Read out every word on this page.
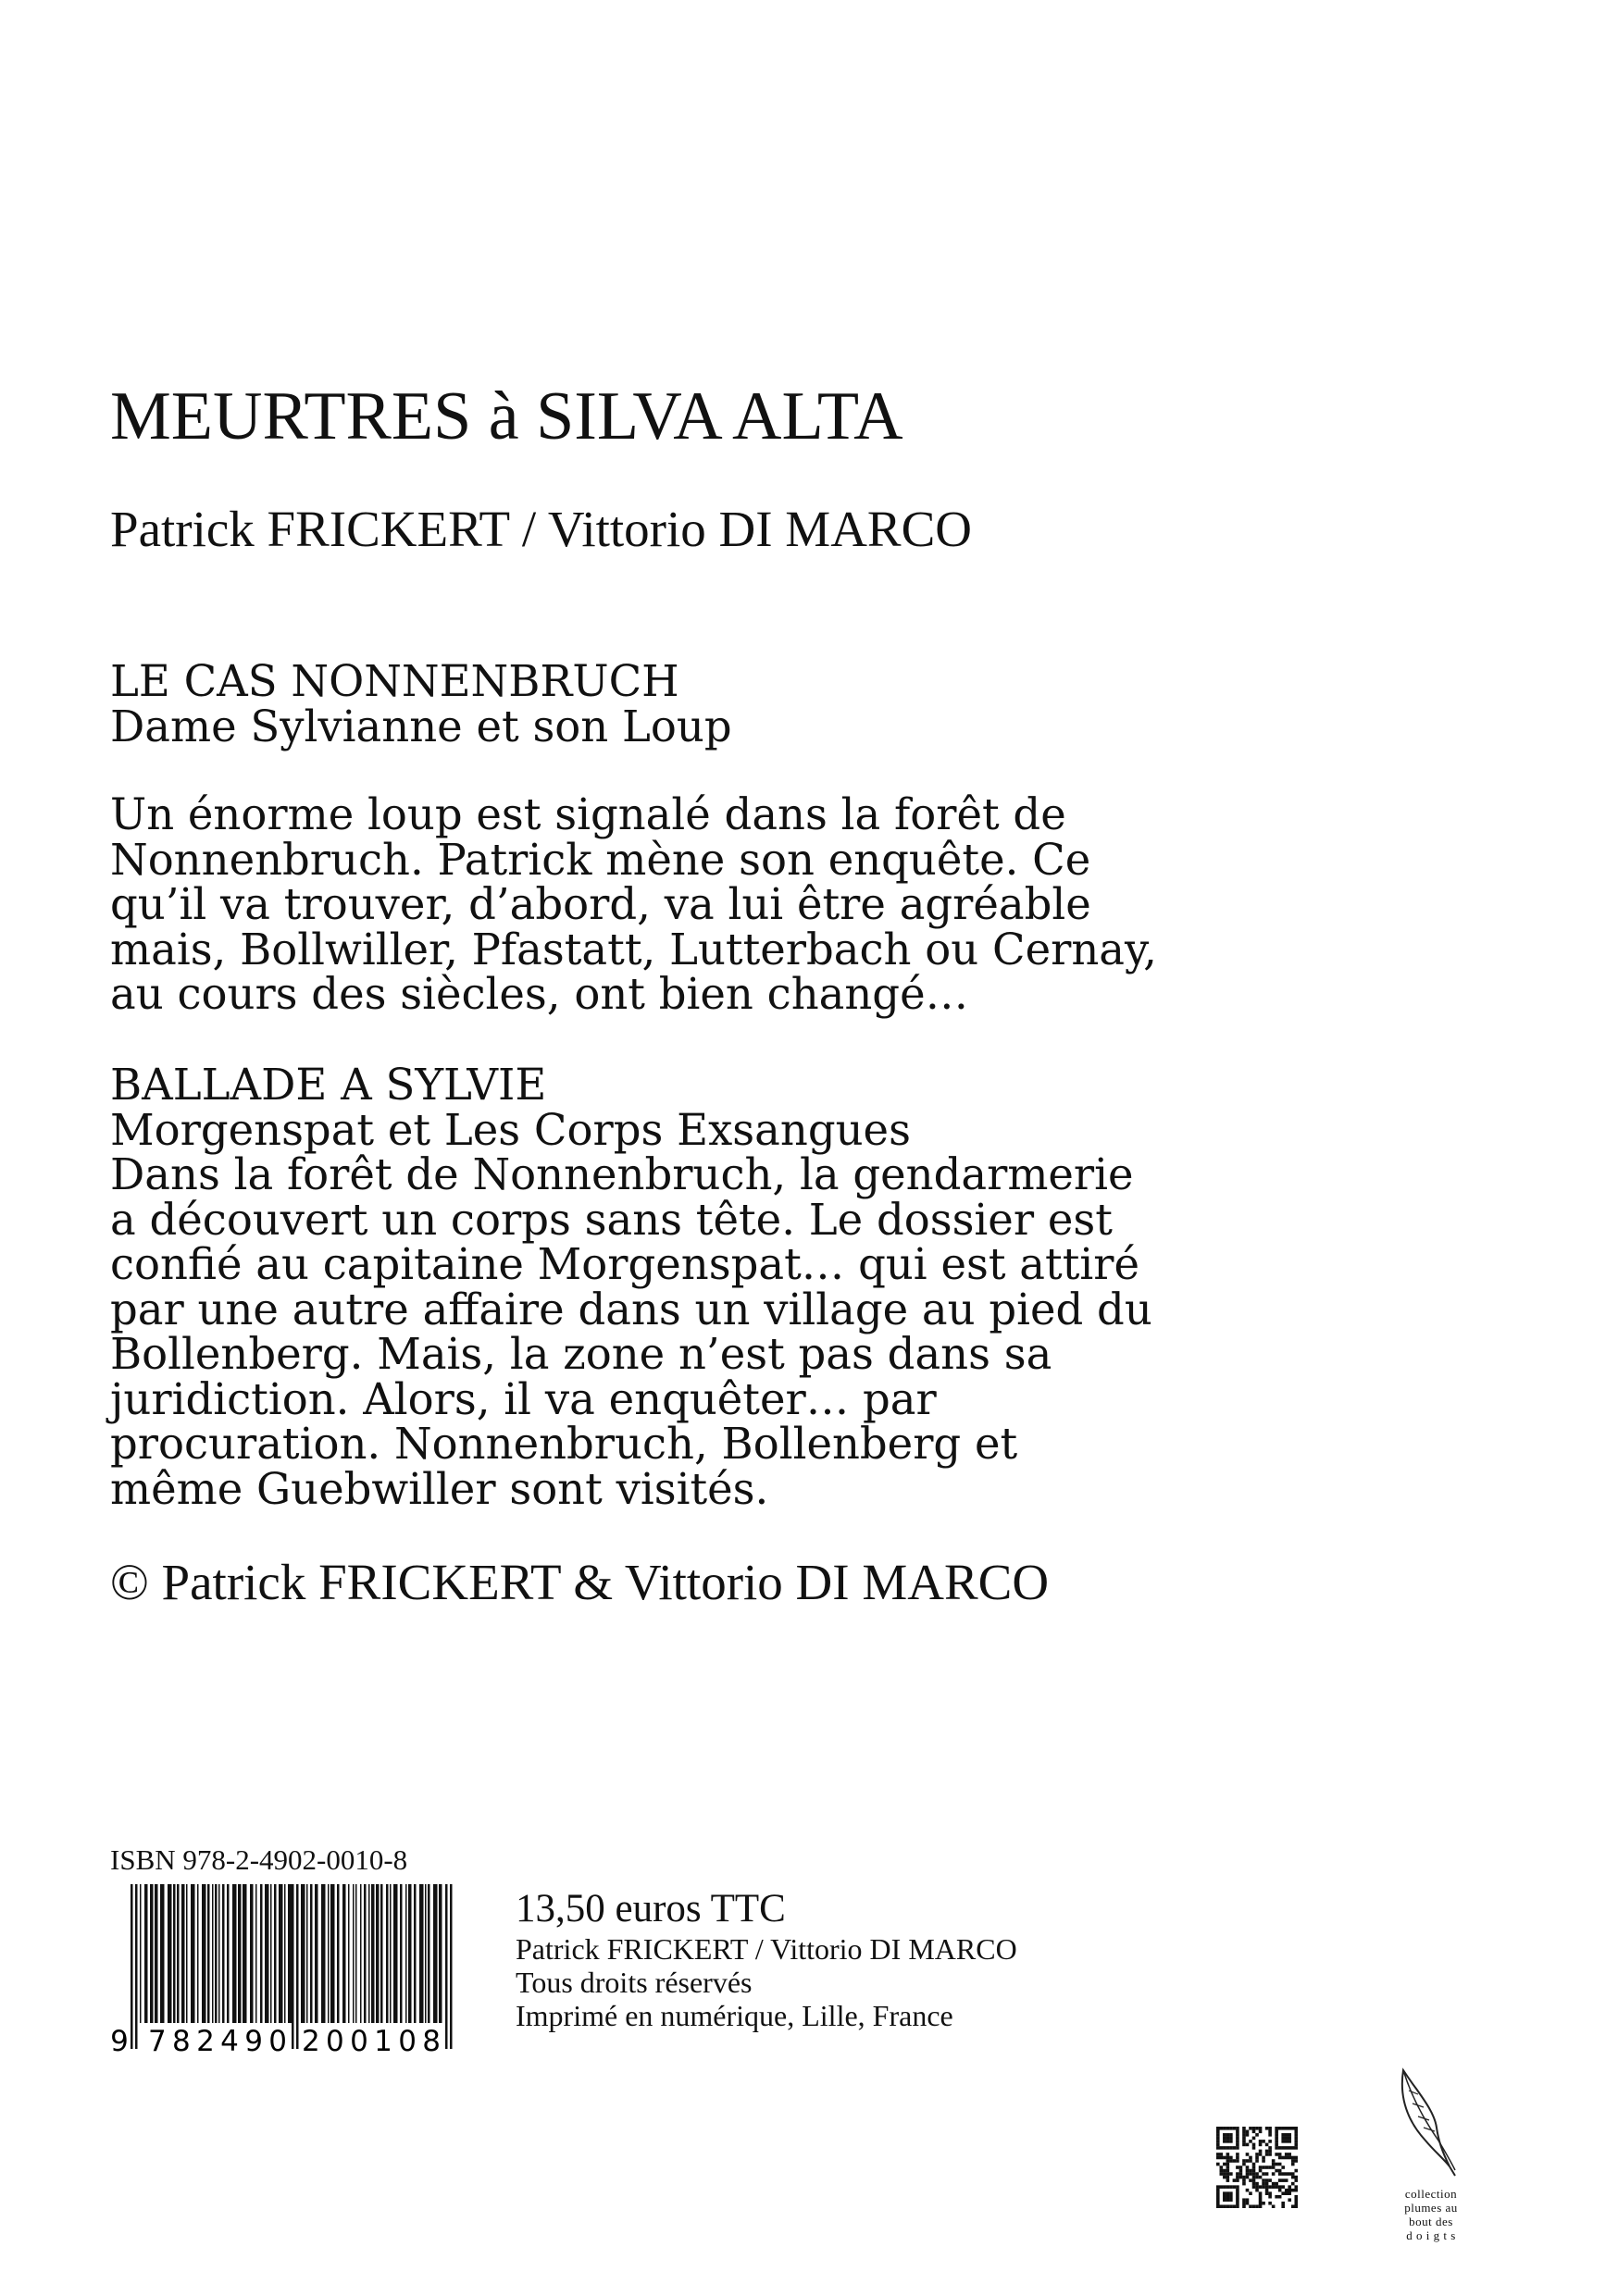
MEURTRES à SILVA ALTA
Patrick FRICKERT / Vittorio DI MARCO
LE CAS NONNENBRUCH
Dame Sylvianne et son Loup
Un énorme loup est signalé dans la forêt de
Nonnenbruch. Patrick mène son enquête. Ce
qu’il va trouver, d’abord, va lui être agréable
mais, Bollwiller, Pfastatt, Lutterbach ou Cernay,
au cours des siècles, ont bien changé…
BALLADE A SYLVIE
Morgenspat et Les Corps Exsangues
Dans la forêt de Nonnenbruch, la gendarmerie
a découvert un corps sans tête. Le dossier est
confié au capitaine Morgenspat… qui est attiré
par une autre affaire dans un village au pied du
Bollenberg. Mais, la zone n’est pas dans sa
juridiction. Alors, il va enquêter… par
procuration. Nonnenbruch, Bollenberg et
même Guebwiller sont visités.
© Patrick FRICKERT & Vittorio DI MARCO
ISBN 978-2-4902-0010-8
9 782490 200108
13,50 euros TTC
Patrick FRICKERT / Vittorio DI MARCO
Tous droits réservés
Imprimé en numérique, Lille, France
collection
plumes au
bout des
d o i g t s
